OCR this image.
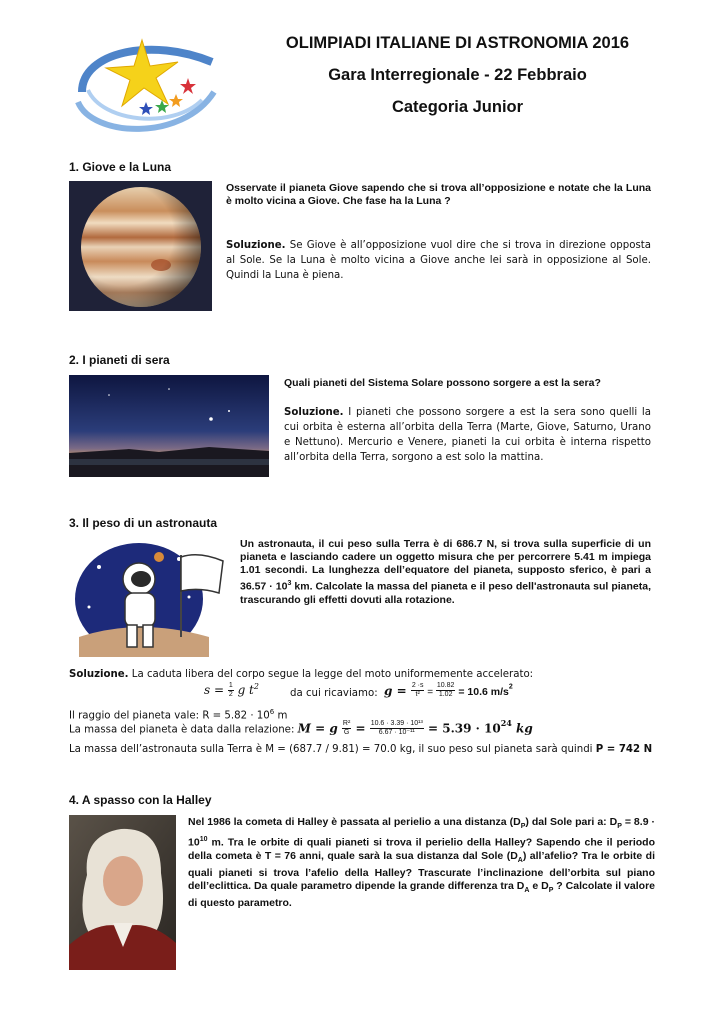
OLIMPIADI ITALIANE DI ASTRONOMIA 2016
Gara Interregionale - 22 Febbraio
Categoria Junior
1. Giove e la Luna
Osservate il pianeta Giove sapendo che si trova all’opposizione e notate che la Luna è molto vicina a Giove. Che fase ha la Luna ?
Soluzione. Se Giove è all’opposizione vuol dire che si trova in direzione opposta al Sole. Se la Luna è molto vicina a Giove anche lei sarà in opposizione al Sole. Quindi la Luna è piena.
2. I pianeti di sera
Quali pianeti del Sistema Solare possono sorgere a est la sera?
Soluzione. I pianeti che possono sorgere a est la sera sono quelli la cui orbita è esterna all’orbita della Terra (Marte, Giove, Saturno, Urano e Nettuno). Mercurio e Venere, pianeti la cui orbita è interna rispetto all’orbita della Terra, sorgono a est solo la mattina.
3. Il peso di un astronauta
Un astronauta, il cui peso sulla Terra è di 686.7 N, si trova sulla superficie di un pianeta e lasciando cadere un oggetto misura che per percorrere 5.41 m impiega 1.01 secondi. La lunghezza dell’equatore del pianeta, supposto sferico, è pari a $36.57 \cdot 10^3$ km. Calcolate la massa del pianeta e il peso dell'astronauta sul pianeta, trascurando gli effetti dovuti alla rotazione.
Soluzione. La caduta libera del corpo segue la legge del moto uniformemente accelerato:
$s = \frac{1}{2}$ g $t^2$
da cui ricaviamo: $g = \frac{2 \cdot s}{\text{t²}} = \frac{10.82}{1.02} = 10.6$ $m/s^2$
Il raggio del pianeta vale: $R = 5.82 \cdot 10^6$ m
La massa del pianeta è data dalla relazione: M = g $\frac{\text{R²}}{G} = \frac{\text{10.6 · 3.39 · 10¹³}}{\text{6.67 · 10⁻¹¹}} = 5.39 \cdot 10^{24}$ kg
La massa dell’astronauta sulla Terra è M = (687.7 / 9.81) = 70.0 kg, il suo peso sul pianeta sarà quindi P = 742 N
4. A spasso con la Halley
Nel 1986 la cometa di Halley è passata al perielio a una distanza $(D_P)$ dal Sole pari a: $D_P = 8.9 \cdot 10^{10}$ m. Tra le orbite di quali pianeti si trova il perielio della Halley? Sapendo che il periodo della cometa è T = 76 anni, quale sarà la sua distanza dal Sole $(D_A)$ all’afelio? Tra le orbite di quali pianeti si trova l’afelio della Halley? Trascurate l’inclinazione dell’orbita sul piano dell’eclittica. Da quale parametro dipende la grande differenza tra $D_A$ e $D_P$ ? Calcolate il valore di questo parametro.
